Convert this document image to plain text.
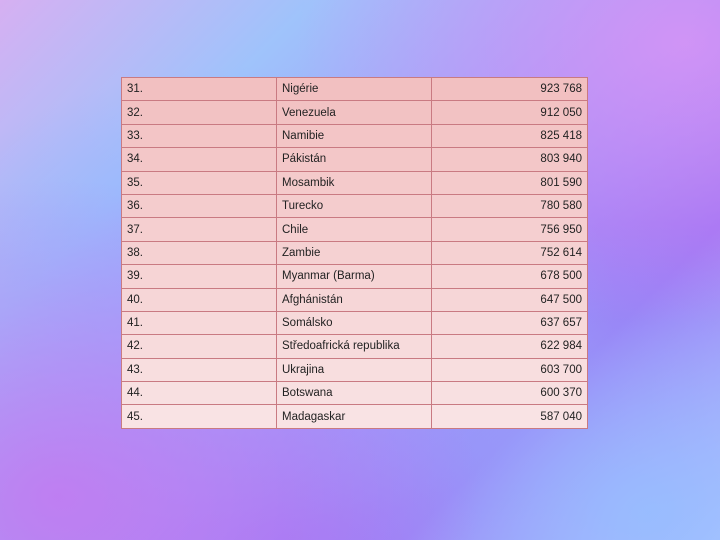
31.	Nigérie	923 768
32.	Venezuela	912 050
33.	Namibie	825 418
34.	Pákistán	803 940
35.	Mosambik	801 590
36.	Turecko	780 580
37.	Chile	756 950
38.	Zambie	752 614
39.	Myanmar (Barma)	678 500
40.	Afghánistán	647 500
41.	Somálsko	637 657
42.	Středoafrická republika	622 984
43.	Ukrajina	603 700
44.	Botswana	600 370
45.	Madagaskar	587 040
